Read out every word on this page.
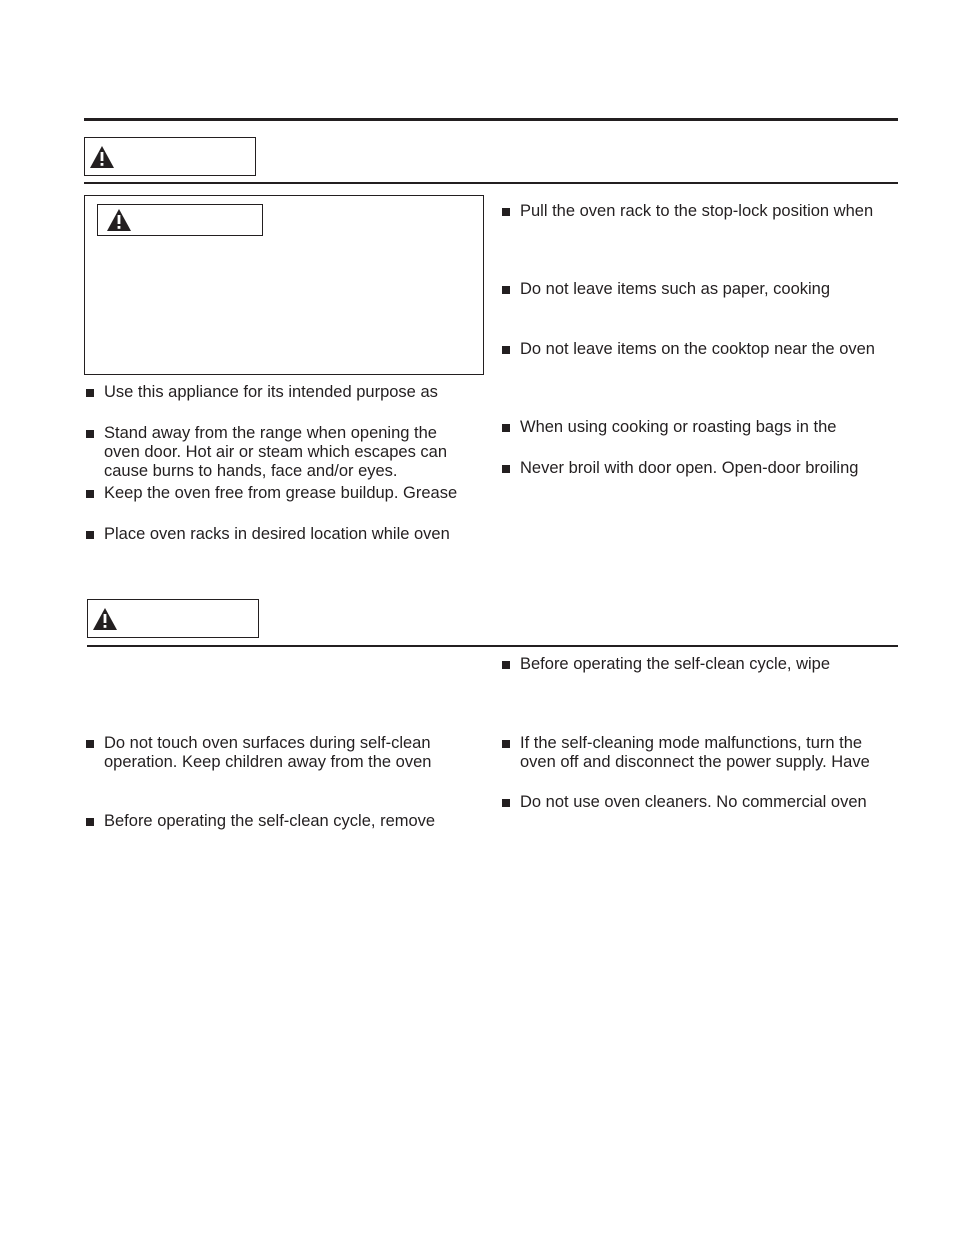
Use this appliance for its intended purpose as
Stand away from the range when opening the
oven door. Hot air or steam which escapes can
cause burns to hands, face and/or eyes.
Keep the oven free from grease buildup. Grease
Place oven racks in desired location while oven
Pull the oven rack to the stop-lock position when
Do not leave items such as paper, cooking
Do not leave items on the cooktop near the oven
When using cooking or roasting bags in the
Never broil with door open. Open-door broiling
Do not touch oven surfaces during self-clean
operation. Keep children away from the oven
Before operating the self-clean cycle, remove
Before operating the self-clean cycle, wipe
If the self-cleaning mode malfunctions, turn the
oven off and disconnect the power supply. Have
Do not use oven cleaners. No commercial oven
